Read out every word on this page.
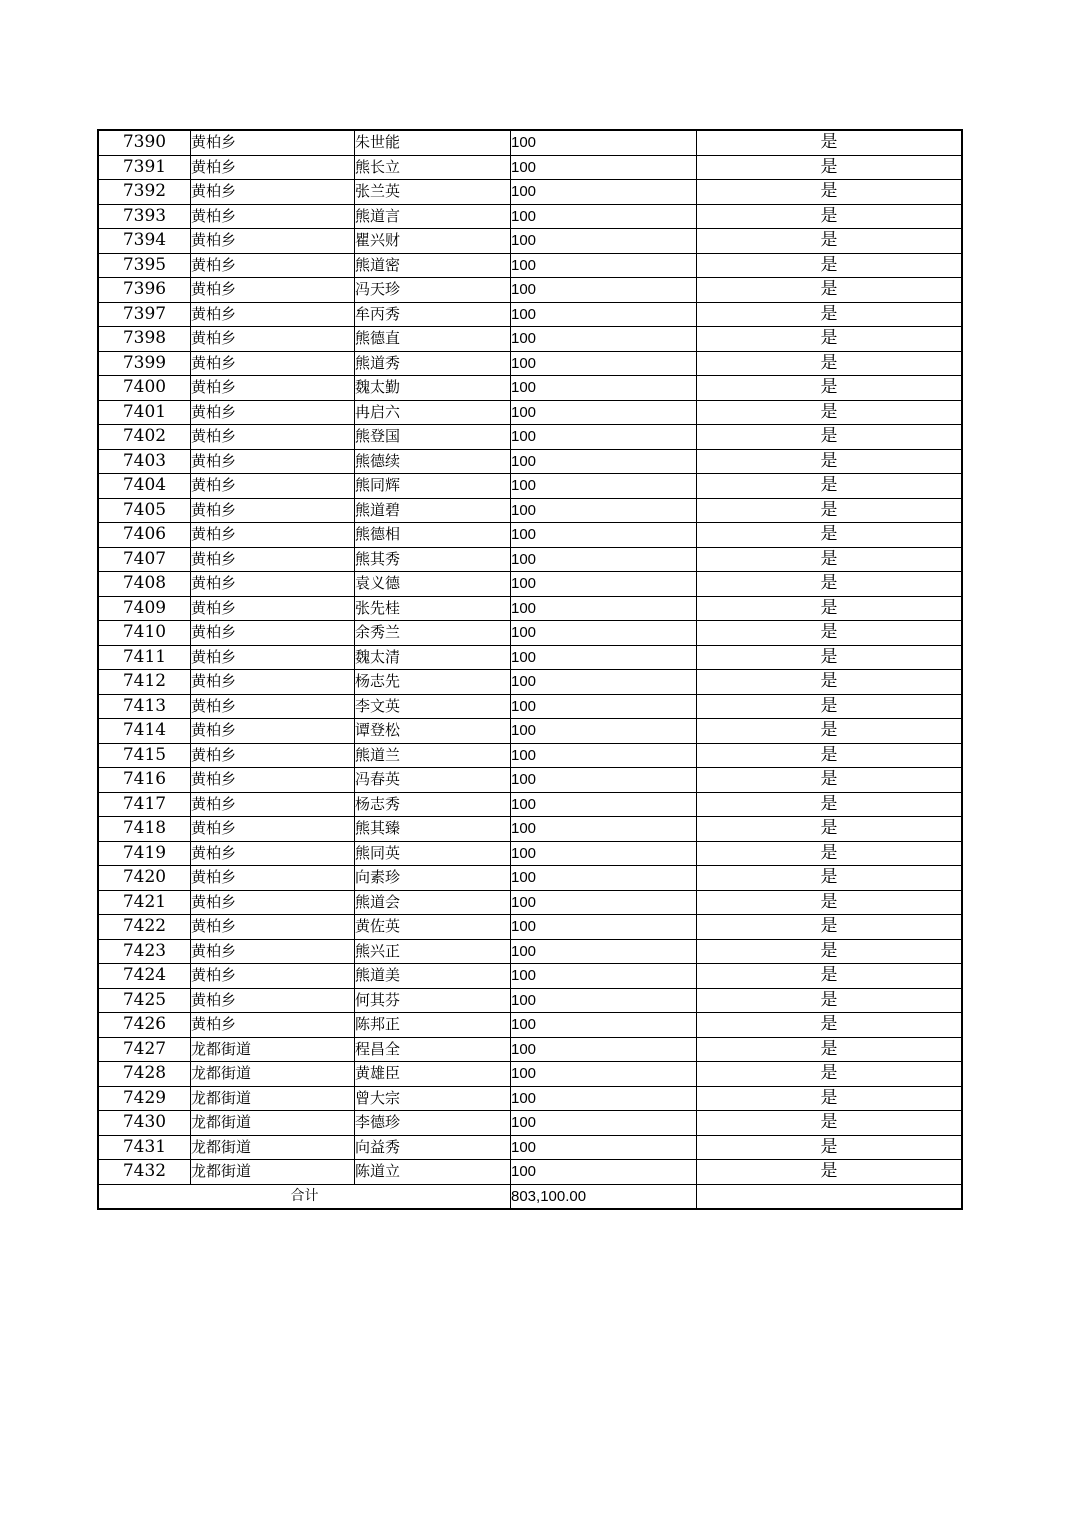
7390	黄柏乡	朱世能	100	是
7391	黄柏乡	熊长立	100	是
7392	黄柏乡	张兰英	100	是
7393	黄柏乡	熊道言	100	是
7394	黄柏乡	瞿兴财	100	是
7395	黄柏乡	熊道密	100	是
7396	黄柏乡	冯天珍	100	是
7397	黄柏乡	牟丙秀	100	是
7398	黄柏乡	熊德直	100	是
7399	黄柏乡	熊道秀	100	是
7400	黄柏乡	魏太勤	100	是
7401	黄柏乡	冉启六	100	是
7402	黄柏乡	熊登国	100	是
7403	黄柏乡	熊德续	100	是
7404	黄柏乡	熊同辉	100	是
7405	黄柏乡	熊道碧	100	是
7406	黄柏乡	熊德相	100	是
7407	黄柏乡	熊其秀	100	是
7408	黄柏乡	袁义德	100	是
7409	黄柏乡	张先桂	100	是
7410	黄柏乡	余秀兰	100	是
7411	黄柏乡	魏太清	100	是
7412	黄柏乡	杨志先	100	是
7413	黄柏乡	李文英	100	是
7414	黄柏乡	谭登松	100	是
7415	黄柏乡	熊道兰	100	是
7416	黄柏乡	冯春英	100	是
7417	黄柏乡	杨志秀	100	是
7418	黄柏乡	熊其臻	100	是
7419	黄柏乡	熊同英	100	是
7420	黄柏乡	向素珍	100	是
7421	黄柏乡	熊道会	100	是
7422	黄柏乡	黄佐英	100	是
7423	黄柏乡	熊兴正	100	是
7424	黄柏乡	熊道美	100	是
7425	黄柏乡	何其芬	100	是
7426	黄柏乡	陈邦正	100	是
7427	龙都街道	程昌全	100	是
7428	龙都街道	黄雄臣	100	是
7429	龙都街道	曾大宗	100	是
7430	龙都街道	李德珍	100	是
7431	龙都街道	向益秀	100	是
7432	龙都街道	陈道立	100	是
合计			803,100.00	
